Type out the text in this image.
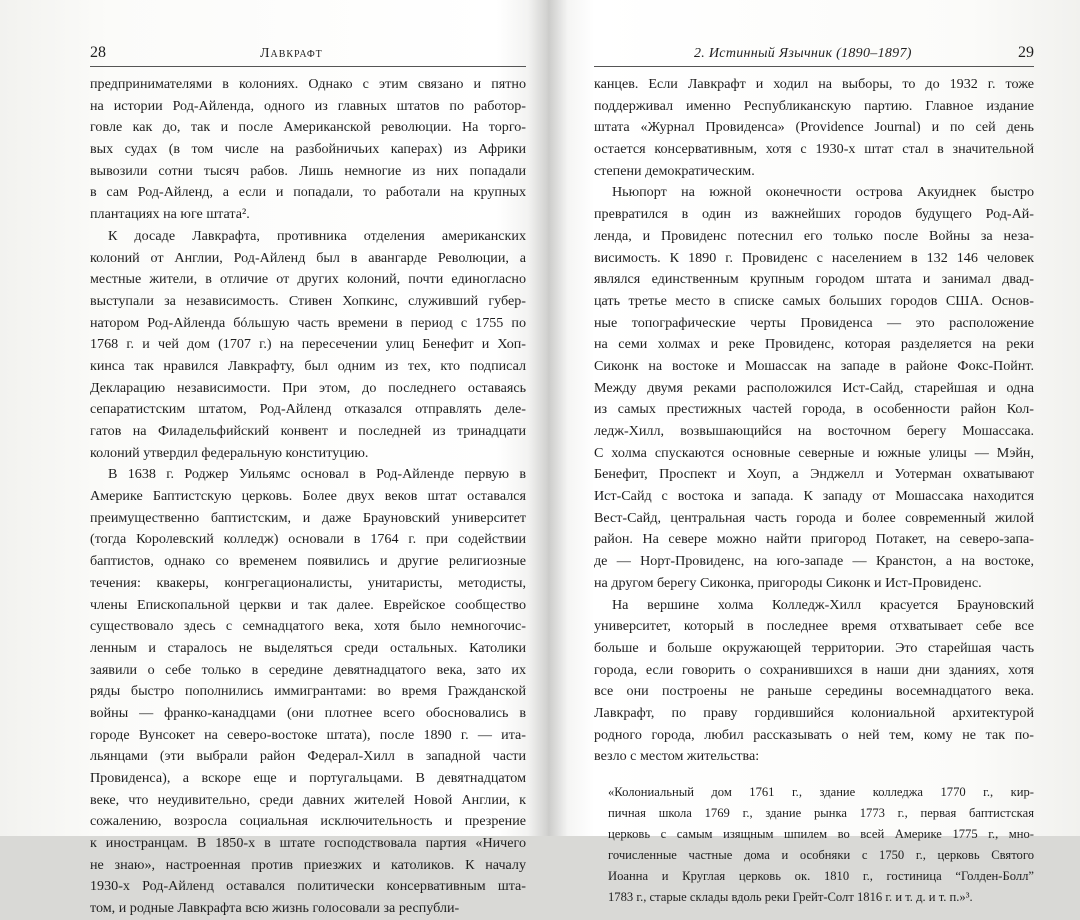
28	Лавкрафт
предпринимателями в колониях. Однако с этим связано и пятно
на истории Род-Айленда, одного из главных штатов по работор-
говле как до, так и после Американской революции. На торго-
вых судах (в том числе на разбойничьих каперах) из Африки
вывозили сотни тысяч рабов. Лишь немногие из них попадали
в сам Род-Айленд, а если и попадали, то работали на крупных
плантациях на юге штата².
К досаде Лавкрафта, противника отделения американских
колоний от Англии, Род-Айленд был в авангарде Революции, а
местные жители, в отличие от других колоний, почти единогласно
выступали за независимость. Стивен Хопкинс, служивший губер-
натором Род-Айленда бóльшую часть времени в период с 1755 по
1768 г. и чей дом (1707 г.) на пересечении улиц Бенефит и Хоп-
кинса так нравился Лавкрафту, был одним из тех, кто подписал
Декларацию независимости. При этом, до последнего оставаясь
сепаратистским штатом, Род-Айленд отказался отправлять деле-
гатов на Филадельфийский конвент и последней из тринадцати
колоний утвердил федеральную конституцию.
В 1638 г. Роджер Уильямс основал в Род-Айленде первую в
Америке Баптистскую церковь. Более двух веков штат оставался
преимущественно баптистским, и даже Брауновский университет
(тогда Королевский колледж) основали в 1764 г. при содействии
баптистов, однако со временем появились и другие религиозные
течения: квакеры, конгрегационалисты, унитаристы, методисты,
члены Епископальной церкви и так далее. Еврейское сообщество
существовало здесь с семнадцатого века, хотя было немногочис-
ленным и старалось не выделяться среди остальных. Католики
заявили о себе только в середине девятнадцатого века, зато их
ряды быстро пополнились иммигрантами: во время Гражданской
войны — франко-канадцами (они плотнее всего обосновались в
городе Вунсокет на северо-востоке штата), после 1890 г. — ита-
льянцами (эти выбрали район Федерал-Хилл в западной части
Провиденса), а вскоре еще и португальцами. В девятнадцатом
веке, что неудивительно, среди давних жителей Новой Англии, к
сожалению, возросла социальная исключительность и презрение
к иностранцам. В 1850-х в штате господствовала партия «Ничего
не знаю», настроенная против приезжих и католиков. К началу
1930-х Род-Айленд оставался политически консервативным шта-
том, и родные Лавкрафта всю жизнь голосовали за республи-
2. Истинный Язычник (1890–1897)	29
канцев. Если Лавкрафт и ходил на выборы, то до 1932 г. тоже
поддерживал именно Республиканскую партию. Главное издание
штата «Журнал Провиденса» (Providence Journal) и по сей день
остается консервативным, хотя с 1930-х штат стал в значительной
степени демократическим.
Ньюпорт на южной оконечности острова Акуиднек быстро
превратился в один из важнейших городов будущего Род-Ай-
ленда, и Провиденс потеснил его только после Войны за неза-
висимость. К 1890 г. Провиденс с населением в 132 146 человек
являлся единственным крупным городом штата и занимал двад-
цать третье место в списке самых больших городов США. Основ-
ные топографические черты Провиденса — это расположение
на семи холмах и реке Провиденс, которая разделяется на реки
Сиконк на востоке и Мошассак на западе в районе Фокс-Пойнт.
Между двумя реками расположился Ист-Сайд, старейшая и одна
из самых престижных частей города, в особенности район Кол-
ледж-Хилл, возвышающийся на восточном берегу Мошассака.
С холма спускаются основные северные и южные улицы — Мэйн,
Бенефит, Проспект и Хоуп, а Энджелл и Уотерман охватывают
Ист-Сайд с востока и запада. К западу от Мошассака находится
Вест-Сайд, центральная часть города и более современный жилой
район. На севере можно найти пригород Потакет, на северо-запа-
де — Норт-Провиденс, на юго-западе — Кранстон, а на востоке,
на другом берегу Сиконка, пригороды Сиконк и Ист-Провиденс.
На вершине холма Колледж-Хилл красуется Брауновский
университет, который в последнее время отхватывает себе все
больше и больше окружающей территории. Это старейшая часть
города, если говорить о сохранившихся в наши дни зданиях, хотя
все они построены не раньше середины восемнадцатого века.
Лавкрафт, по праву гордившийся колониальной архитектурой
родного города, любил рассказывать о ней тем, кому не так по-
везло с местом жительства:
«Колониальный дом 1761 г., здание колледжа 1770 г., кир-
пичная школа 1769 г., здание рынка 1773 г., первая баптистская
церковь с самым изящным шпилем во всей Америке 1775 г., мно-
гочисленные частные дома и особняки с 1750 г., церковь Святого
Иоанна и Круглая церковь ок. 1810 г., гостиница “Голден-Болл”
1783 г., старые склады вдоль реки Грейт-Солт 1816 г. и т. д. и т. п.»³.
